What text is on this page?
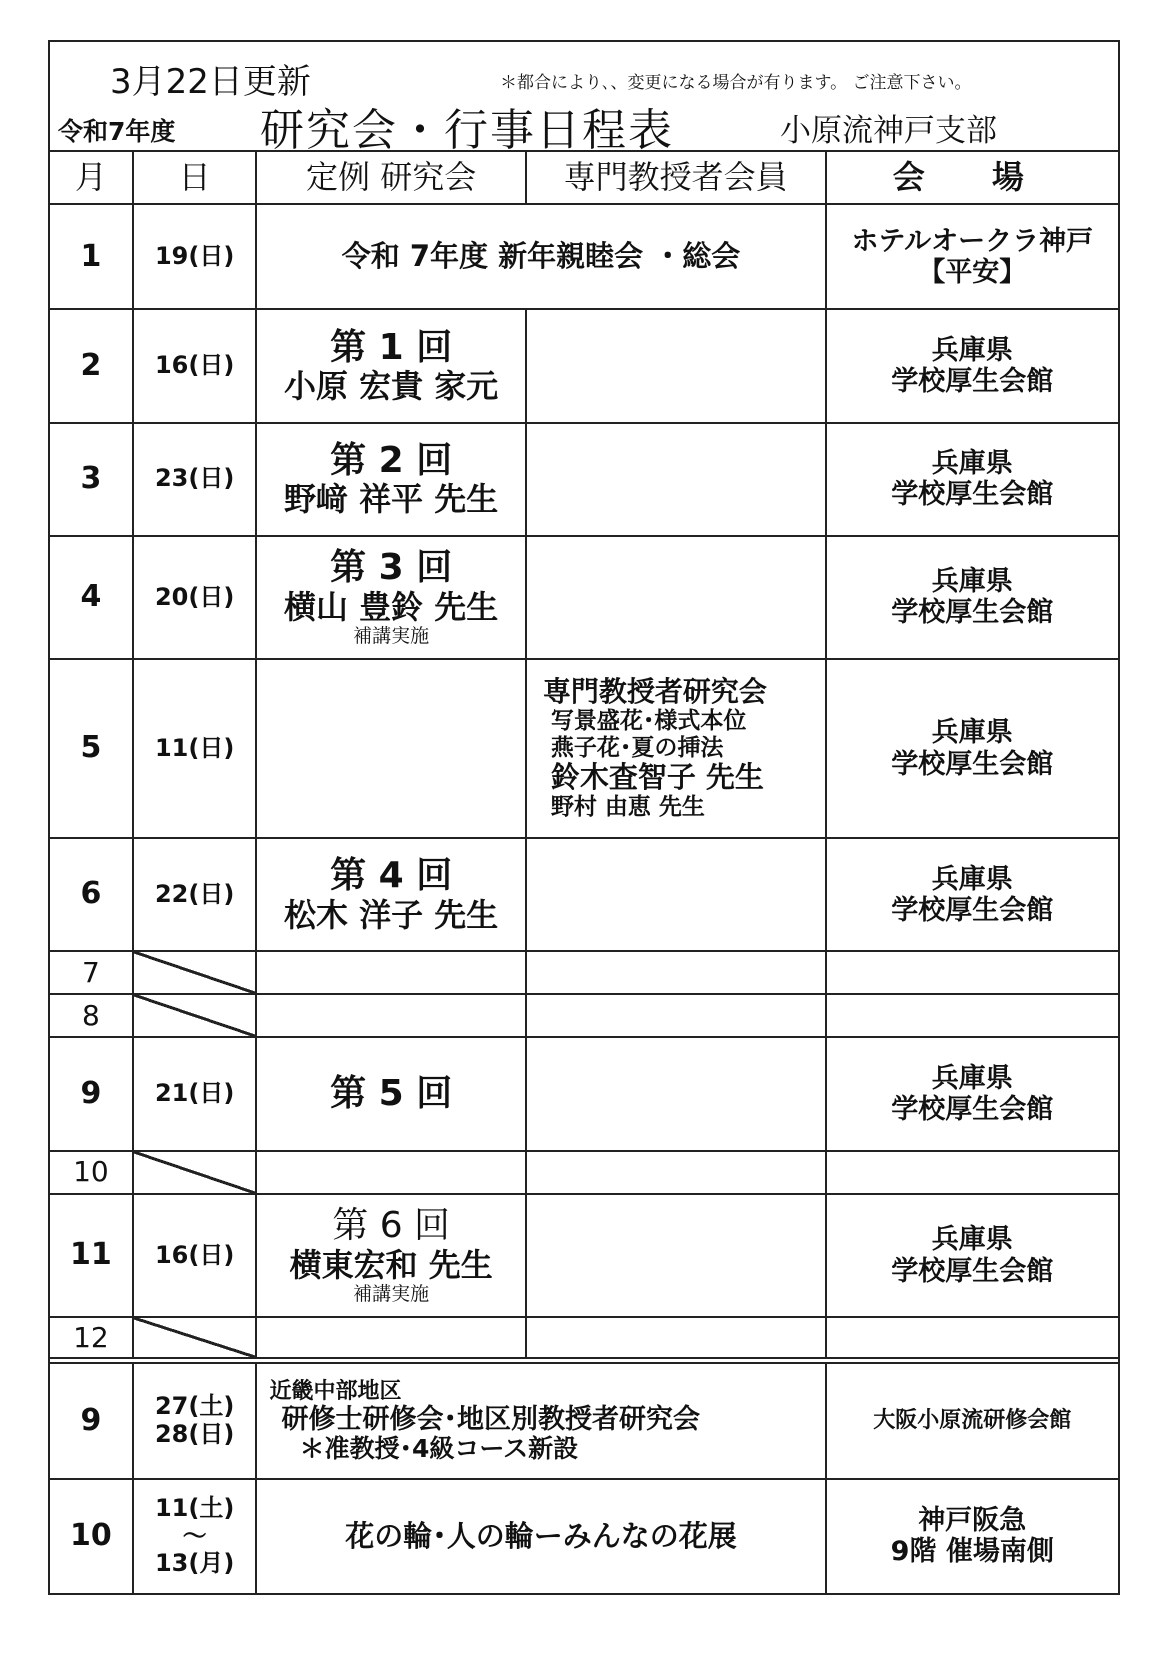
3月22日更新	＊都合により､、変更になる場合が有ります。 ご注意下さい。
令和7年度 研究会・行事日程表	小原流神戸支部
月	日	定例 研究会	専門教授者会員	会 場
1	19(日)	令和 7年度 新年親睦会 ・総会		ホテルオークラ神戸
【平安】

2	16(日)	第 1 回
小原 宏貴 家元		兵庫県
学校厚生会館

3	23(日)	第 2 回
野﨑 祥平 先生		兵庫県
学校厚生会館

4	20(日)	第 3 回
横山 豊鈴 先生
補講実施		兵庫県
学校厚生会館

5	11(日)		専門教授者研究会
写景盛花･様式本位
燕子花･夏の挿法
鈴木査智子 先生
野村 由恵 先生	兵庫県
学校厚生会館

6	22(日)	第 4 回
松木 洋子 先生		兵庫県
学校厚生会館

7				
8				
9	21(日)	第 5 回		兵庫県
学校厚生会館

10				
11	16(日)	第 6 回
横東宏和 先生
補講実施		兵庫県
学校厚生会館

12				

9	27(土)
28(日)	近畿中部地区
研修士研修会･地区別教授者研究会
＊准教授･4級コース新設		大阪小原流研修会館
10	11(土)
〜
13(月)	花の輪･人の輪ーみんなの花展		神戸阪急
9階 催場南側
